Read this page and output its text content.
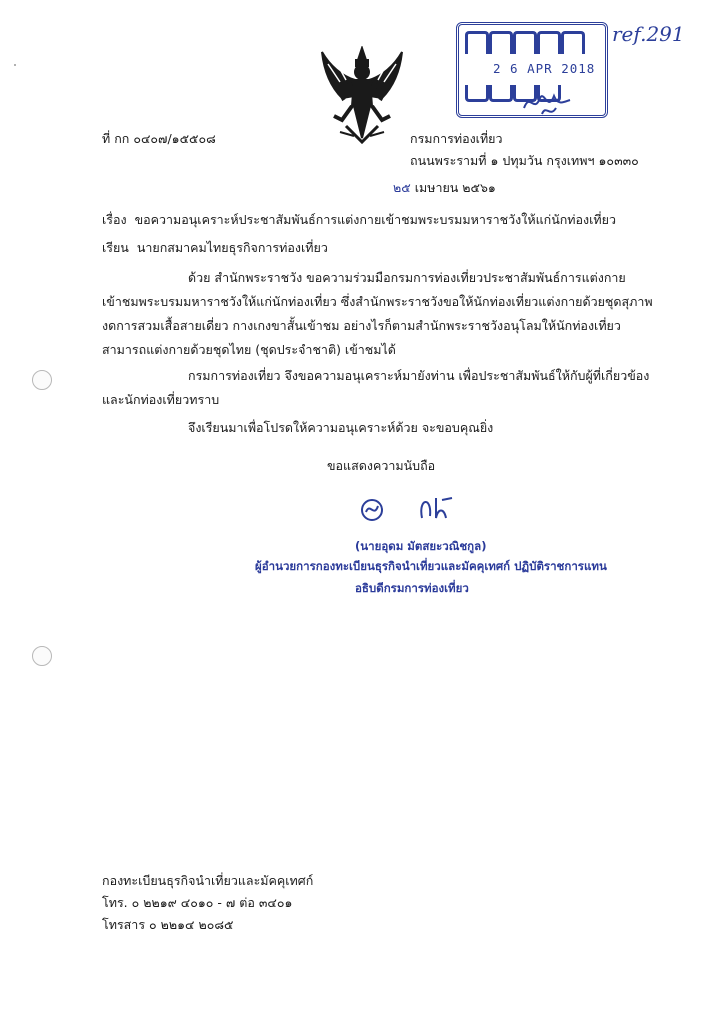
2 6 APR 2018
ref.291
ที่ กก ๐๔๐๗/๑๕๕๐๘	กรมการท่องเที่ยว
ถนนพระรามที่ ๑ ปทุมวัน กรุงเทพฯ ๑๐๓๓๐
๒๕ เมษายน ๒๕๖๑
เรื่อง ขอความอนุเคราะห์ประชาสัมพันธ์การแต่งกายเข้าชมพระบรมมหาราชวังให้แก่นักท่องเที่ยว
เรียน นายกสมาคมไทยธุรกิจการท่องเที่ยว
ด้วย สำนักพระราชวัง ขอความร่วมมือกรมการท่องเที่ยวประชาสัมพันธ์การแต่งกาย
เข้าชมพระบรมมหาราชวังให้แก่นักท่องเที่ยว ซึ่งสำนักพระราชวังขอให้นักท่องเที่ยวแต่งกายด้วยชุดสุภาพ
งดการสวมเสื้อสายเดี่ยว กางเกงขาสั้นเข้าชม อย่างไรก็ตามสำนักพระราชวังอนุโลมให้นักท่องเที่ยว
สามารถแต่งกายด้วยชุดไทย (ชุดประจำชาติ) เข้าชมได้
กรมการท่องเที่ยว จึงขอความอนุเคราะห์มายังท่าน เพื่อประชาสัมพันธ์ให้กับผู้ที่เกี่ยวข้อง
และนักท่องเที่ยวทราบ
จึงเรียนมาเพื่อโปรดให้ความอนุเคราะห์ด้วย จะขอบคุณยิ่ง
ขอแสดงความนับถือ
(นายอุดม มัตสยะวณิชกูล)
ผู้อำนวยการกองทะเบียนธุรกิจนำเที่ยวและมัคคุเทศก์ ปฏิบัติราชการแทน
อธิบดีกรมการท่องเที่ยว
กองทะเบียนธุรกิจนำเที่ยวและมัคคุเทศก์
โทร. ๐ ๒๒๑๙ ๔๐๑๐ - ๗ ต่อ ๓๔๐๑
โทรสาร ๐ ๒๒๑๔ ๒๐๘๕
